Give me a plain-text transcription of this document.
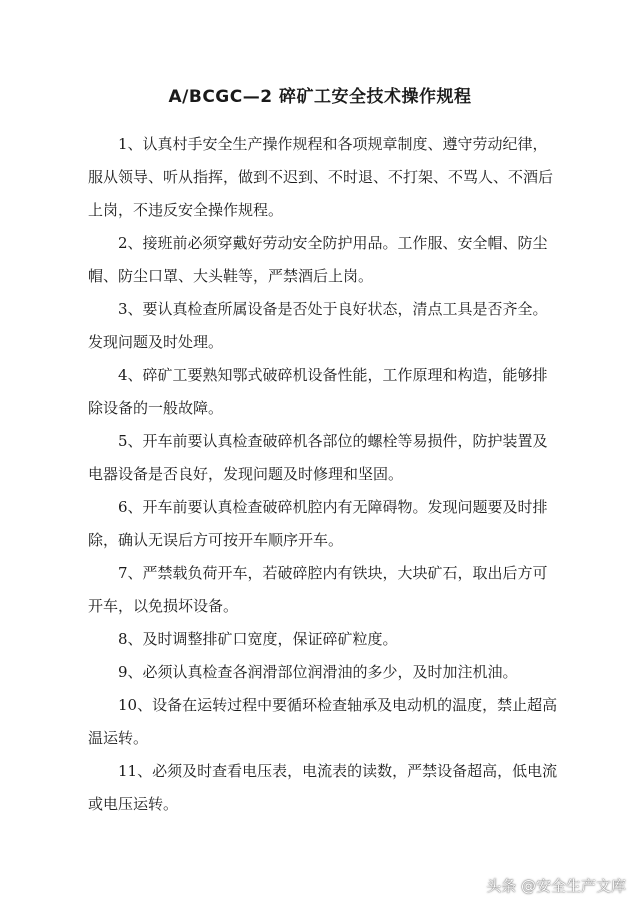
A/BCGC—2 碎矿工安全技术操作规程

1、认真村手安全生产操作规程和各项规章制度、遵守劳动纪律，服从领导、听从指挥，做到不迟到、不时退、不打架、不骂人、不酒后上岗，不违反安全操作规程。

2、接班前必须穿戴好劳动安全防护用品。工作服、安全帽、防尘帽、防尘口罩、大头鞋等，严禁酒后上岗。

3、要认真检查所属设备是否处于良好状态，清点工具是否齐全。发现问题及时处理。

4、碎矿工要熟知鄂式破碎机设备性能，工作原理和构造，能够排除设备的一般故障。

5、开车前要认真检查破碎机各部位的螺栓等易损件，防护装置及电器设备是否良好，发现问题及时修理和坚固。

6、开车前要认真检查破碎机腔内有无障碍物。发现问题要及时排除，确认无误后方可按开车顺序开车。

7、严禁载负荷开车，若破碎腔内有铁块，大块矿石，取出后方可开车，以免损坏设备。

8、及时调整排矿口宽度，保证碎矿粒度。

9、必须认真检查各润滑部位润滑油的多少，及时加注机油。

10、设备在运转过程中要循环检查轴承及电动机的温度，禁止超高温运转。

11、必须及时查看电压表，电流表的读数，严禁设备超高，低电流或电压运转。

头条 @安全生产文库
